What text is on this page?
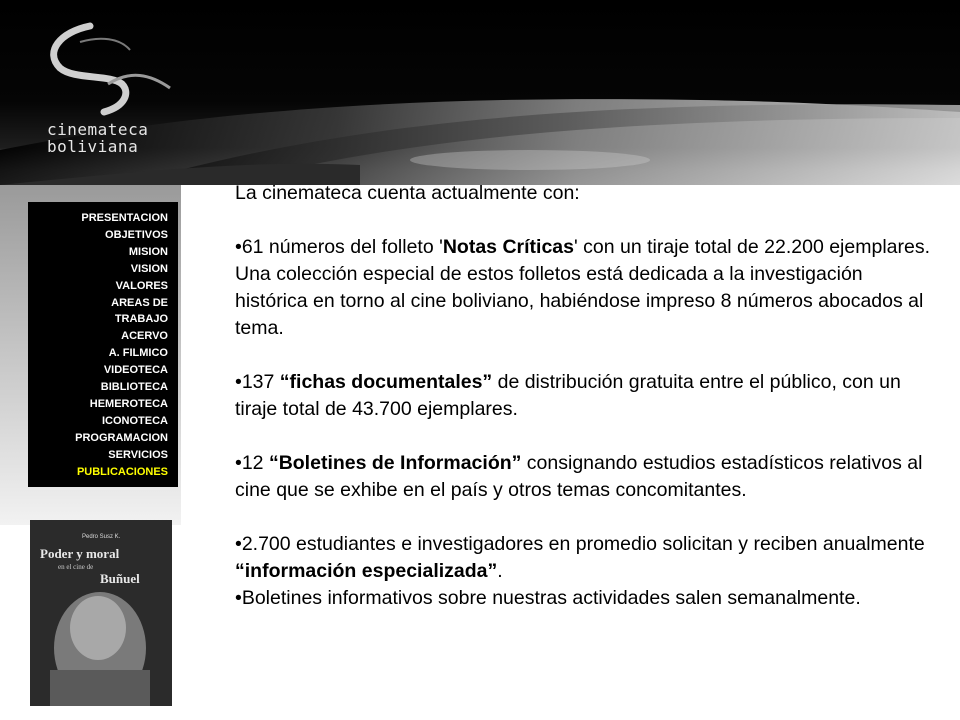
cinemateca
boliviana
PRESENTACION
OBJETIVOS
MISION
VISION
VALORES
AREAS DE
TRABAJO
ACERVO
A. FILMICO
VIDEOTECA
BIBLIOTECA
HEMEROTECA
ICONOTECA
PROGRAMACION
SERVICIOS
PUBLICACIONES
Pedro Susz K.
Poder y moral
en el cine de
Buñuel

La cinemateca cuenta actualmente con:

•61 números del folleto 'Notas Críticas' con un tiraje total de 22.200 ejemplares. Una colección especial de estos folletos está dedicada a la investigación histórica en torno al cine boliviano, habiéndose impreso 8 números abocados al tema.

•137 “fichas documentales” de distribución gratuita entre el público, con un tiraje total de 43.700 ejemplares.

•12 “Boletines de Información” consignando estudios estadísticos relativos al cine que se exhibe en el país y otros temas concomitantes.

•2.700 estudiantes e investigadores en promedio solicitan y reciben anualmente “información especializada”.

•Boletines informativos sobre nuestras actividades salen semanalmente.
